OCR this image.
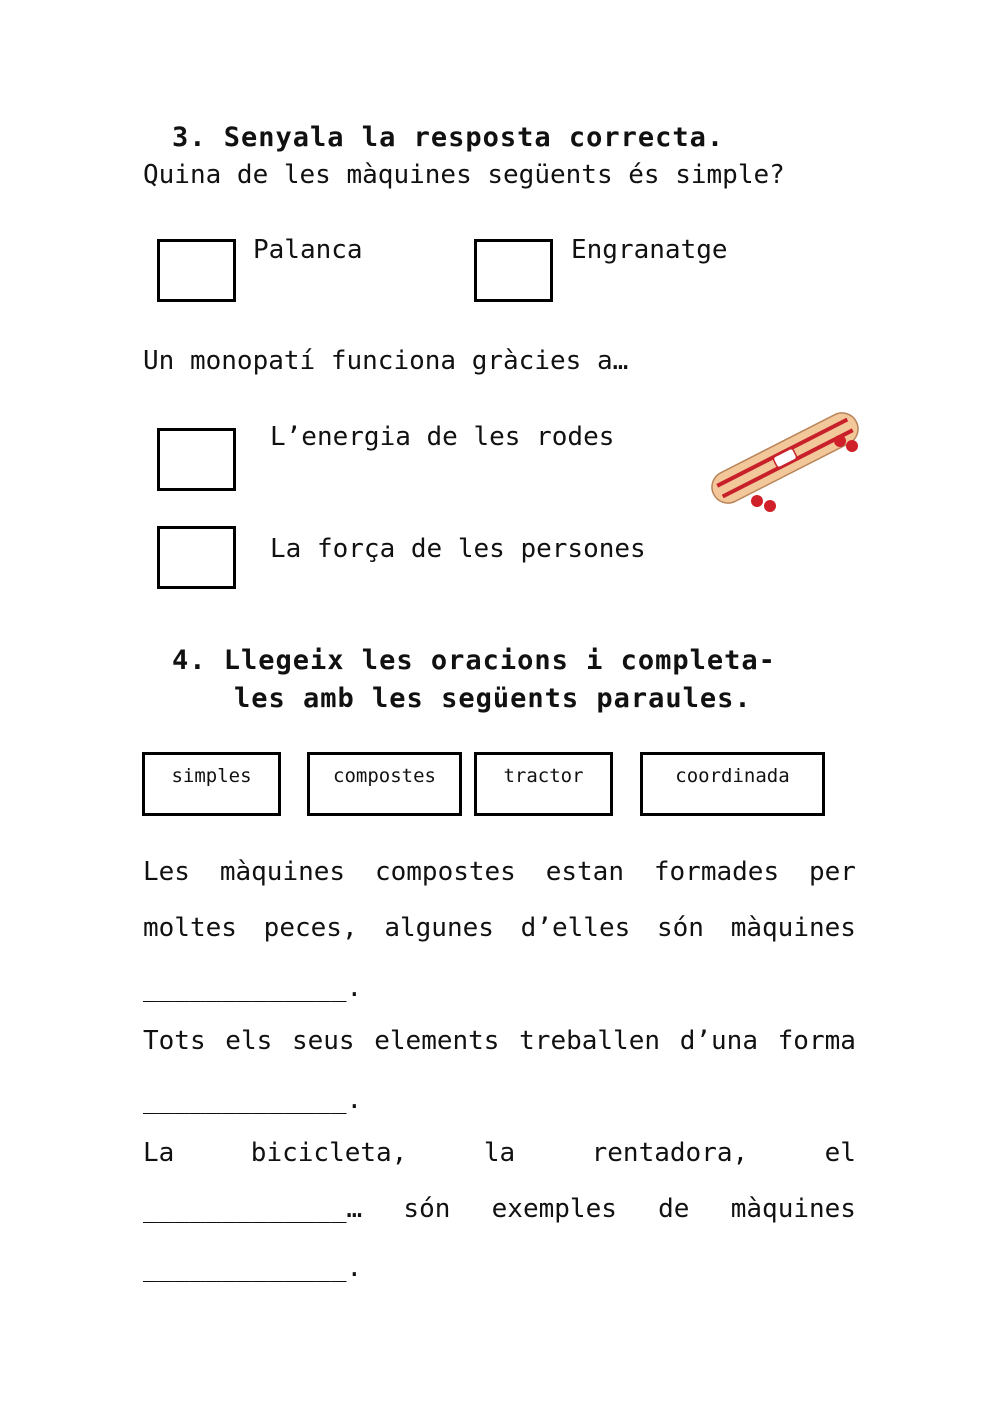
3. Senyala la resposta correcta.
Quina de les màquines següents és simple?
Palanca	Engranatge
Un monopatí funciona gràcies a…
L’energia de les rodes
La força de les persones
4. Llegeix les oracions i completa-
les amb les següents paraules.
simples	compostes	tractor	coordinada
Les màquines compostes estan formades per
moltes peces, algunes d’elles són màquines
_____________.
Tots els seus elements treballen d’una forma
_____________.
La	bicicleta,	la	rentadora,	el
_____________… són exemples de màquines
_____________.
